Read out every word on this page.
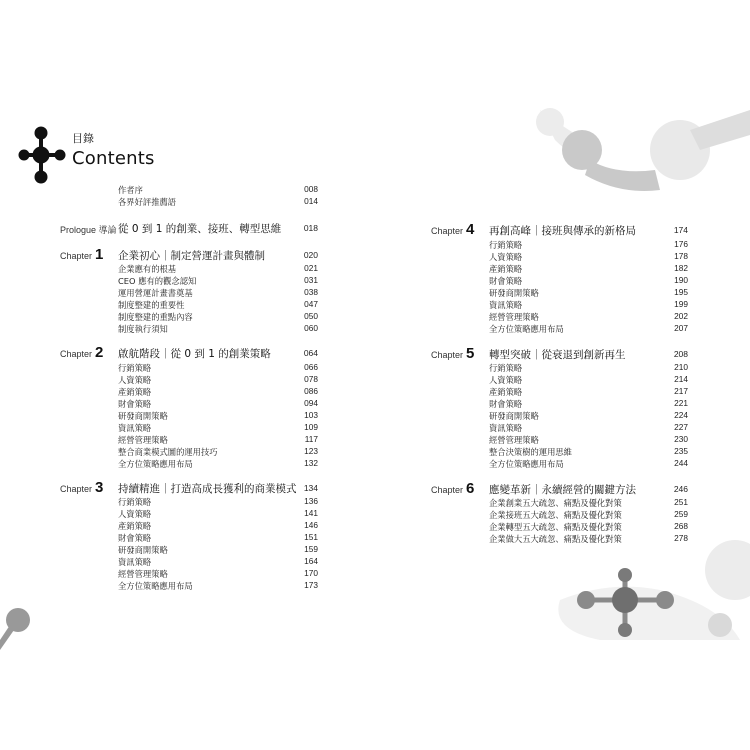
目錄
Contents
作者序	008
各界好評推薦語	014
Prologue 導論 從 0 到 1 的創業、接班、轉型思維	018
Chapter 1 企業初心｜制定營運計畫與體制	020
企業應有的根基	021
CEO 應有的觀念認知	031
運用營運計畫書奠基	038
制度整建的重要性	047
制度整建的重點內容	050
制度執行須知	060
Chapter 2 啟航階段｜從 0 到 1 的創業策略	064
行銷策略	066
人資策略	078
產銷策略	086
財會策略	094
研發商開策略	103
資訊策略	109
經營管理策略	117
整合商業模式圖的運用技巧	123
全方位策略應用布局	132
Chapter 3 持續精進｜打造高成長獲利的商業模式 134
行銷策略	136
人資策略	141
產銷策略	146
財會策略	151
研發商開策略	159
資訊策略	164
經營管理策略	170
全方位策略應用布局	173
Chapter 4 再創高峰｜接班與傳承的新格局	174
行銷策略	176
人資策略	178
產銷策略	182
財會策略	190
研發商開策略	195
資訊策略	199
經營管理策略	202
全方位策略應用布局	207
Chapter 5 轉型突破｜從衰退到創新再生	208
行銷策略	210
人資策略	214
產銷策略	217
財會策略	221
研發商開策略	224
資訊策略	227
經營管理策略	230
整合決策樹的運用思維	235
全方位策略應用布局	244
Chapter 6 應變革新｜永續經營的關鍵方法	246
企業創業五大疏忽、痛點及優化對策	251
企業接班五大疏忽、痛點及優化對策	259
企業轉型五大疏忽、痛點及優化對策	268
企業做大五大疏忽、痛點及優化對策	278
